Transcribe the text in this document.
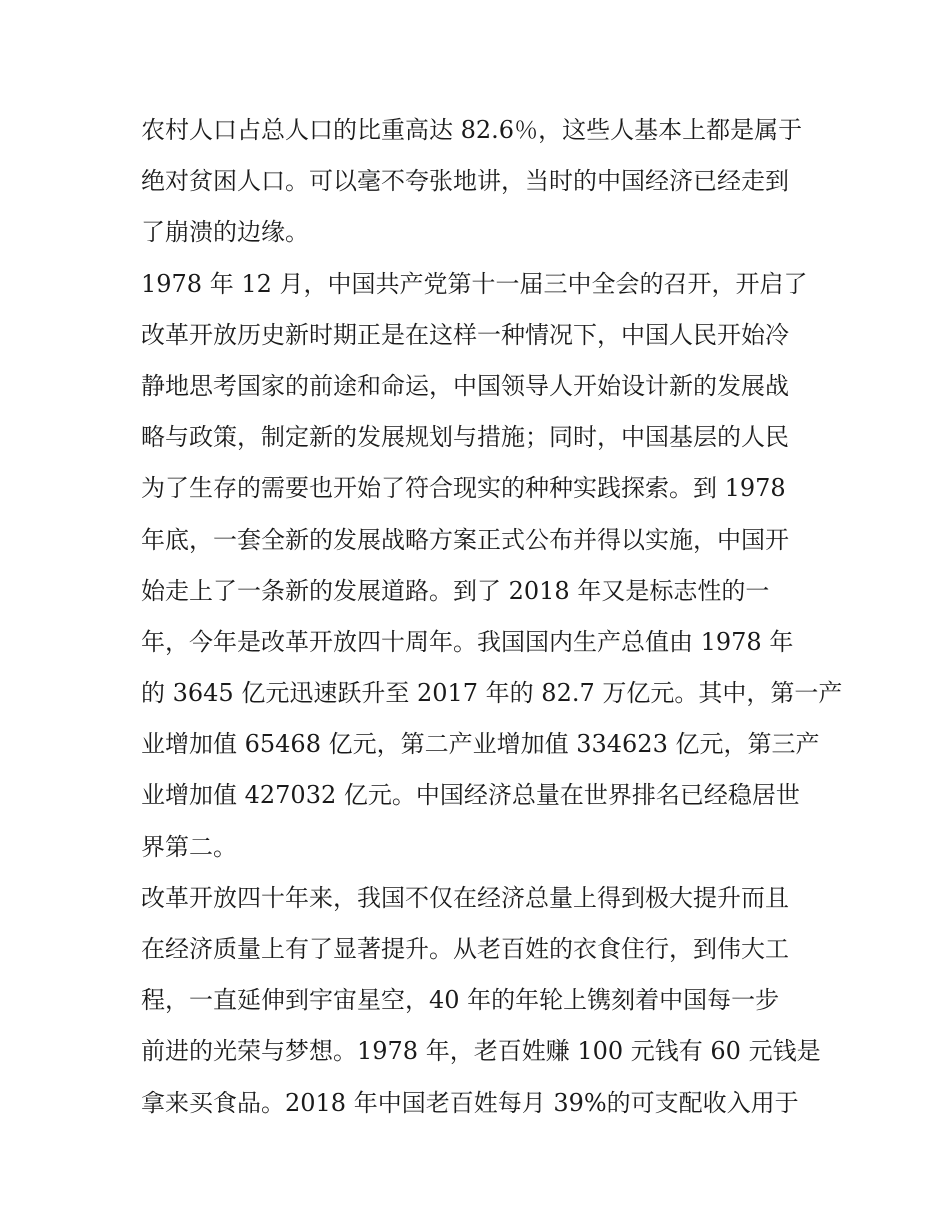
农村人口占总人口的比重高达 82.6％，这些人基本上都是属于
绝对贫困人口。可以毫不夸张地讲，当时的中国经济已经走到
了崩溃的边缘。
1978 年 12 月，中国共产党第十一届三中全会的召开，开启了
改革开放历史新时期正是在这样一种情况下，中国人民开始冷
静地思考国家的前途和命运，中国领导人开始设计新的发展战
略与政策，制定新的发展规划与措施；同时，中国基层的人民
为了生存的需要也开始了符合现实的种种实践探索。到 1978
年底，一套全新的发展战略方案正式公布并得以实施，中国开
始走上了一条新的发展道路。到了 2018 年又是标志性的一
年，今年是改革开放四十周年。我国国内生产总值由 1978 年
的 3645 亿元迅速跃升至 2017 年的 82.7 万亿元。其中，第一产
业增加值 65468 亿元，第二产业增加值 334623 亿元，第三产
业增加值 427032 亿元。中国经济总量在世界排名已经稳居世
界第二。
改革开放四十年来，我国不仅在经济总量上得到极大提升而且
在经济质量上有了显著提升。从老百姓的衣食住行，到伟大工
程，一直延伸到宇宙星空，40 年的年轮上镌刻着中国每一步
前进的光荣与梦想。1978 年，老百姓赚 100 元钱有 60 元钱是
拿来买食品。2018 年中国老百姓每月 39%的可支配收入用于
